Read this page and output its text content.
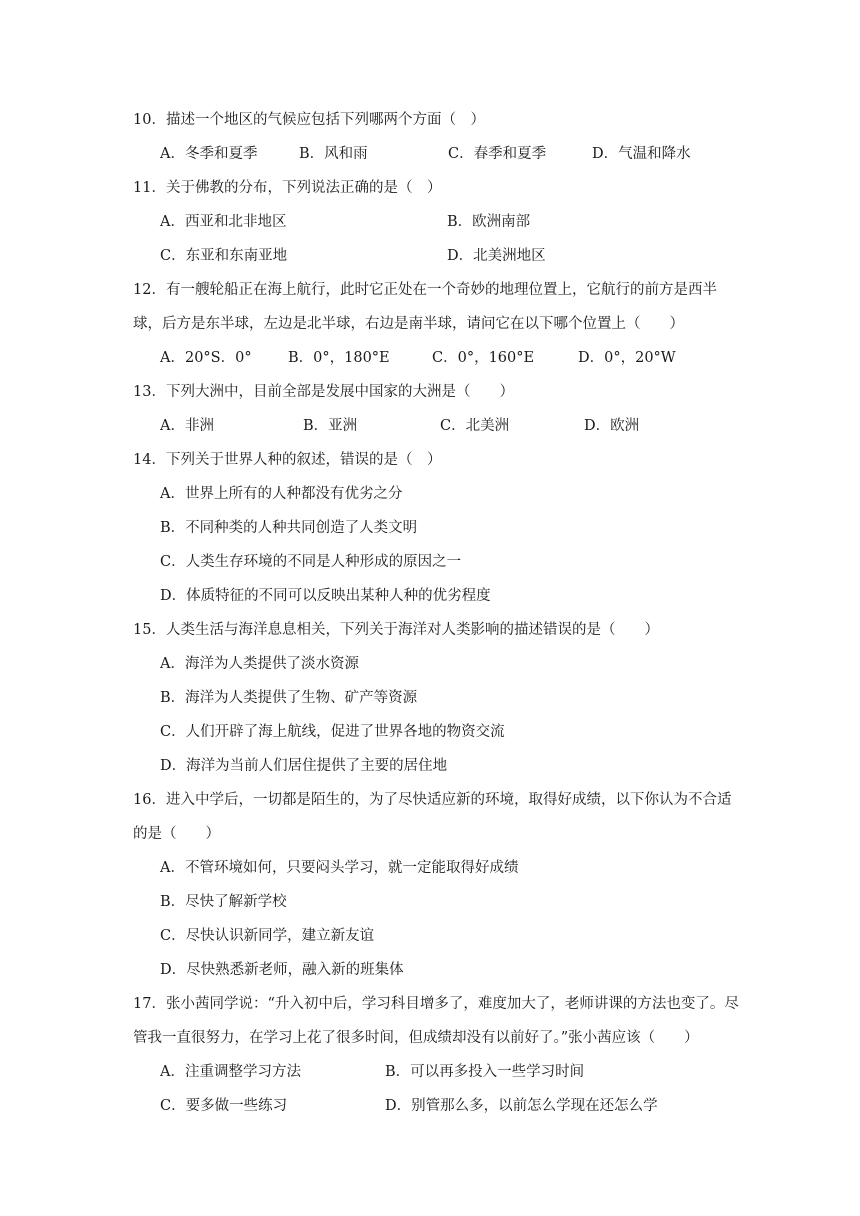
10．描述一个地区的气候应包括下列哪两个方面（　）
A．冬季和夏季	B．风和雨	C．春季和夏季	D．气温和降水
11．关于佛教的分布，下列说法正确的是（　）
A．西亚和北非地区	B．欧洲南部
C．东亚和东南亚地	D．北美洲地区
12．有一艘轮船正在海上航行，此时它正处在一个奇妙的地理位置上，它航行的前方是西半球，后方是东半球，左边是北半球，右边是南半球，请问它在以下哪个位置上（　　）
A．20°S．0°	B．0°，180°E	C．0°，160°E	D．0°，20°W
13．下列大洲中，目前全部是发展中国家的大洲是（　　）
A．非洲	B．亚洲	C．北美洲	D．欧洲
14．下列关于世界人种的叙述，错误的是（　）
A．世界上所有的人种都没有优劣之分
B．不同种类的人种共同创造了人类文明
C．人类生存环境的不同是人种形成的原因之一
D．体质特征的不同可以反映出某种人种的优劣程度
15．人类生活与海洋息息相关，下列关于海洋对人类影响的描述错误的是（　　）
A．海洋为人类提供了淡水资源
B．海洋为人类提供了生物、矿产等资源
C．人们开辟了海上航线，促进了世界各地的物资交流
D．海洋为当前人们居住提供了主要的居住地
16．进入中学后，一切都是陌生的，为了尽快适应新的环境，取得好成绩，以下你认为不合适的是（　　）
A．不管环境如何，只要闷头学习，就一定能取得好成绩
B．尽快了解新学校
C．尽快认识新同学，建立新友谊
D．尽快熟悉新老师，融入新的班集体
17．张小茜同学说：“升入初中后，学习科目增多了，难度加大了，老师讲课的方法也变了。尽管我一直很努力，在学习上花了很多时间，但成绩却没有以前好了。”张小茜应该（　　）
A．注重调整学习方法	B．可以再多投入一些学习时间
C．要多做一些练习	D．别管那么多，以前怎么学现在还怎么学
